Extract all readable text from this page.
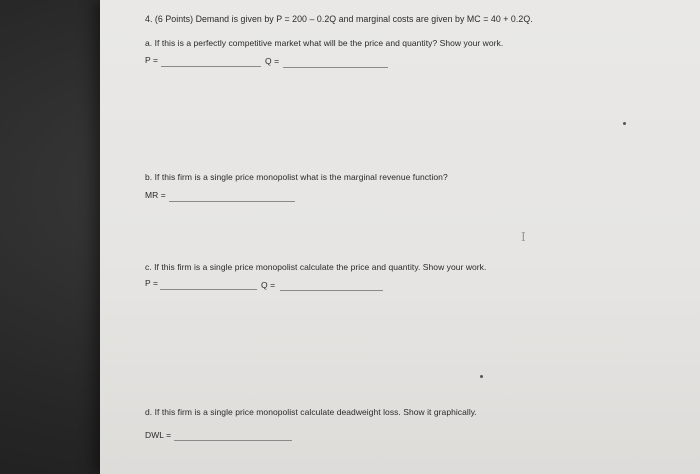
4. (6 Points) Demand is given by P = 200 – 0.2Q and marginal costs are given by MC = 40 + 0.2Q.
a. If this is a perfectly competitive market what will be the price and quantity? Show your work.
P =	Q =
b. If this firm is a single price monopolist what is the marginal revenue function?
MR =
I
c. If this firm is a single price monopolist calculate the price and quantity. Show your work.
P =	Q =
d. If this firm is a single price monopolist calculate deadweight loss. Show it graphically.
DWL =
